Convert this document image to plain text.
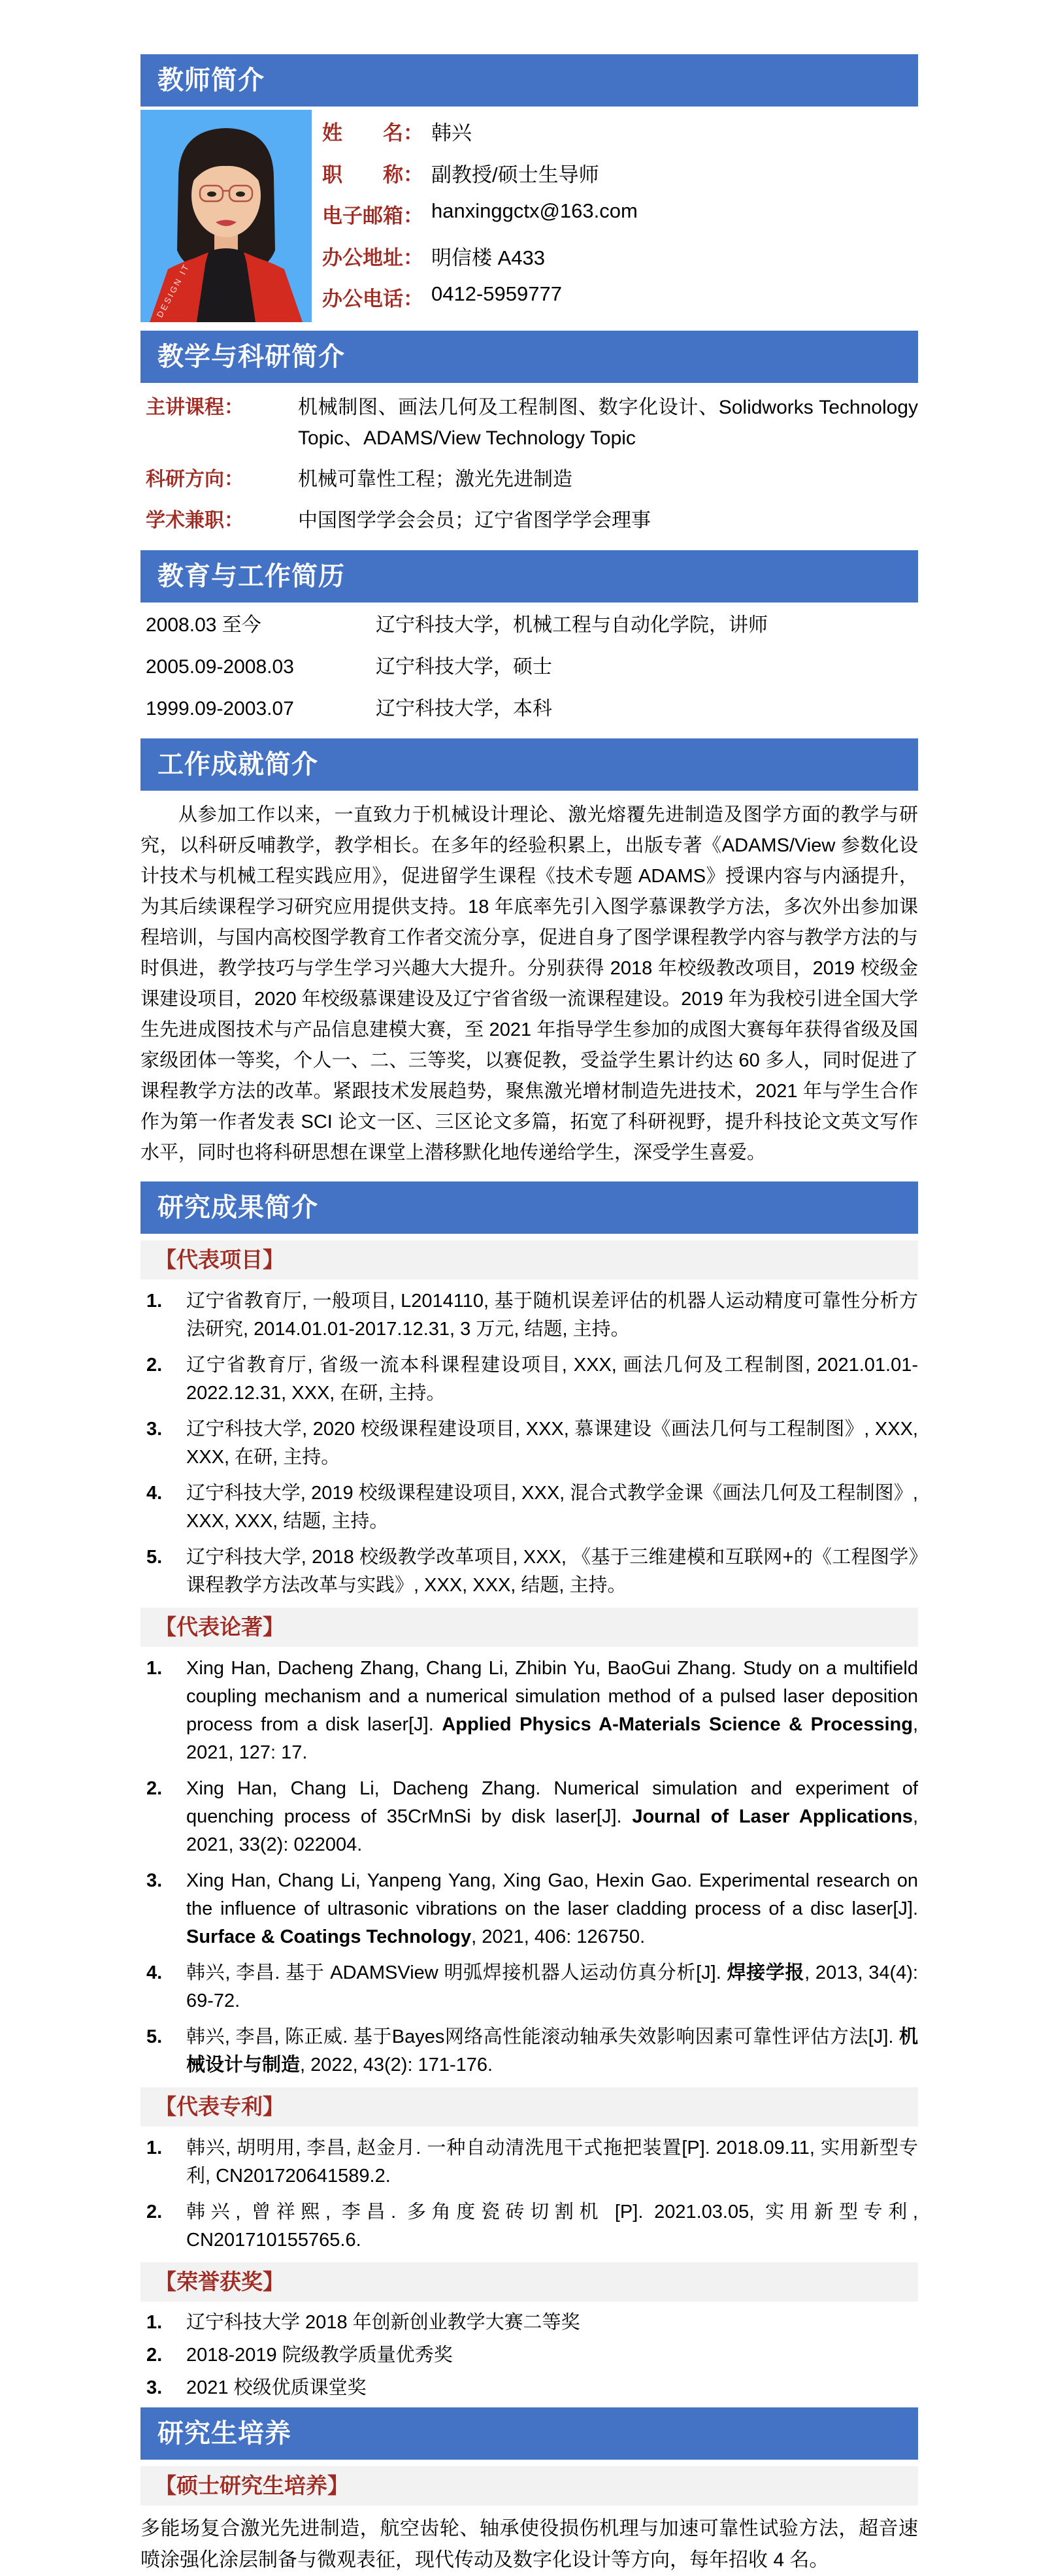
教师简介
DESIGN IT
姓　　名： 韩兴
职　　称： 副教授/硕士生导师
电子邮箱： hanxinggctx@163.com
办公地址： 明信楼 A433
办公电话： 0412-5959777
教学与科研简介
主讲课程：	机械制图、画法几何及工程制图、数字化设计、Solidworks Technology Topic、ADAMS/View Technology Topic
科研方向：	机械可靠性工程；激光先进制造
学术兼职：	中国图学学会会员；辽宁省图学学会理事
教育与工作简历
2008.03 至今	辽宁科技大学，机械工程与自动化学院，讲师
2005.09-2008.03	辽宁科技大学，硕士
1999.09-2003.07	辽宁科技大学，本科
工作成就简介

从参加工作以来，一直致力于机械设计理论、激光熔覆先进制造及图学方面的教学与研究，以科研反哺教学，教学相长。在多年的经验积累上，出版专著《ADAMS/View 参数化设计技术与机械工程实践应用》，促进留学生课程《技术专题 ADAMS》授课内容与内涵提升，为其后续课程学习研究应用提供支持。18 年底率先引入图学慕课教学方法，多次外出参加课程培训，与国内高校图学教育工作者交流分享，促进自身了图学课程教学内容与教学方法的与时俱进，教学技巧与学生学习兴趣大大提升。分别获得 2018 年校级教改项目，2019 校级金课建设项目，2020 年校级慕课建设及辽宁省省级一流课程建设。2019 年为我校引进全国大学生先进成图技术与产品信息建模大赛，至 2021 年指导学生参加的成图大赛每年获得省级及国家级团体一等奖，个人一、二、三等奖，以赛促教，受益学生累计约达 60 多人，同时促进了课程教学方法的改革。紧跟技术发展趋势，聚焦激光增材制造先进技术，2021 年与学生合作作为第一作者发表 SCI 论文一区、三区论文多篇，拓宽了科研视野，提升科技论文英文写作水平，同时也将科研思想在课堂上潜移默化地传递给学生，深受学生喜爱。

研究成果简介
【代表项目】
1.	辽宁省教育厅, 一般项目, L2014110, 基于随机误差评估的机器人运动精度可靠性分析方法研究, 2014.01.01-2017.12.31, 3 万元, 结题, 主持。
2.	辽宁省教育厅, 省级一流本科课程建设项目, XXX, 画法几何及工程制图, 2021.01.01-2022.12.31, XXX, 在研, 主持。
3.	辽宁科技大学, 2020 校级课程建设项目, XXX, 慕课建设《画法几何与工程制图》, XXX, XXX, 在研, 主持。
4.	辽宁科技大学, 2019 校级课程建设项目, XXX, 混合式教学金课《画法几何及工程制图》, XXX, XXX, 结题, 主持。
5.	辽宁科技大学, 2018 校级教学改革项目, XXX, 《基于三维建模和互联网+的《工程图学》课程教学方法改革与实践》, XXX, XXX, 结题, 主持。
【代表论著】
1.	Xing Han, Dacheng Zhang, Chang Li, Zhibin Yu, BaoGui Zhang. Study on a multifield coupling mechanism and a numerical simulation method of a pulsed laser deposition process from a disk laser[J]. Applied Physics A-Materials Science & Processing, 2021, 127: 17.
2.	Xing Han, Chang Li, Dacheng Zhang. Numerical simulation and experiment of quenching process of 35CrMnSi by disk laser[J]. Journal of Laser Applications, 2021, 33(2): 022004.
3.	Xing Han, Chang Li, Yanpeng Yang, Xing Gao, Hexin Gao. Experimental research on the influence of ultrasonic vibrations on the laser cladding process of a disc laser[J]. Surface & Coatings Technology, 2021, 406: 126750.
4.	韩兴, 李昌. 基于 ADAMSView 明弧焊接机器人运动仿真分析[J]. 焊接学报, 2013, 34(4): 69-72.
5.	韩兴, 李昌, 陈正威. 基于Bayes网络高性能滚动轴承失效影响因素可靠性评估方法[J]. 机械设计与制造, 2022, 43(2): 171-176.
【代表专利】
1.	韩兴, 胡明用, 李昌, 赵金月. 一种自动清洗甩干式拖把装置[P]. 2018.09.11, 实用新型专利, CN201720641589.2.
2.	韩兴, 曾祥熙, 李昌. 多角度瓷砖切割机 [P]. 2021.03.05, 实用新型专利, CN201710155765.6.
【荣誉获奖】
1.	辽宁科技大学 2018 年创新创业教学大赛二等奖
2.	2018-2019 院级教学质量优秀奖
3.	2021 校级优质课堂奖
研究生培养
【硕士研究生培养】

多能场复合激光先进制造，航空齿轮、轴承使役损伤机理与加速可靠性试验方法，超音速喷涂强化涂层制备与微观表征，现代传动及数字化设计等方向，每年招收 4 名。
